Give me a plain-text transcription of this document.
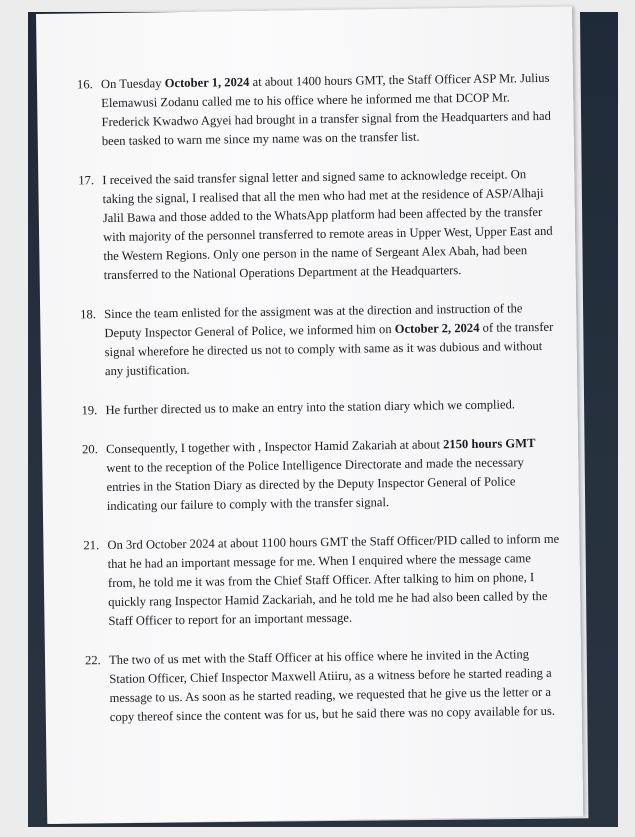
16. On Tuesday October 1, 2024 at about 1400 hours GMT, the Staff Officer ASP Mr. Julius Elemawusi Zodanu called me to his office where he informed me that DCOP Mr. Frederick Kwadwo Agyei had brought in a transfer signal from the Headquarters and had been tasked to warn me since my name was on the transfer list.

17. I received the said transfer signal letter and signed same to acknowledge receipt. On taking the signal, I realised that all the men who had met at the residence of ASP/Alhaji Jalil Bawa and those added to the WhatsApp platform had been affected by the transfer with majority of the personnel transferred to remote areas in Upper West, Upper East and the Western Regions. Only one person in the name of Sergeant Alex Abah, had been transferred to the National Operations Department at the Headquarters.

18. Since the team enlisted for the assigment was at the direction and instruction of the Deputy Inspector General of Police, we informed him on October 2, 2024 of the transfer signal wherefore he directed us not to comply with same as it was dubious and without any justification.

19. He further directed us to make an entry into the station diary which we complied.

20. Consequently, I together with , Inspector Hamid Zakariah at about 2150 hours GMT went to the reception of the Police Intelligence Directorate and made the necessary entries in the Station Diary as directed by the Deputy Inspector General of Police indicating our failure to comply with the transfer signal.

21. On 3rd October 2024 at about 1100 hours GMT the Staff Officer/PID called to inform me that he had an important message for me. When I enquired where the message came from, he told me it was from the Chief Staff Officer. After talking to him on phone, I quickly rang Inspector Hamid Zackariah, and he told me he had also been called by the Staff Officer to report for an important message.

22. The two of us met with the Staff Officer at his office where he invited in the Acting Station Officer, Chief Inspector Maxwell Atiiru, as a witness before he started reading a message to us. As soon as he started reading, we requested that he give us the letter or a copy thereof since the content was for us, but he said there was no copy available for us.
